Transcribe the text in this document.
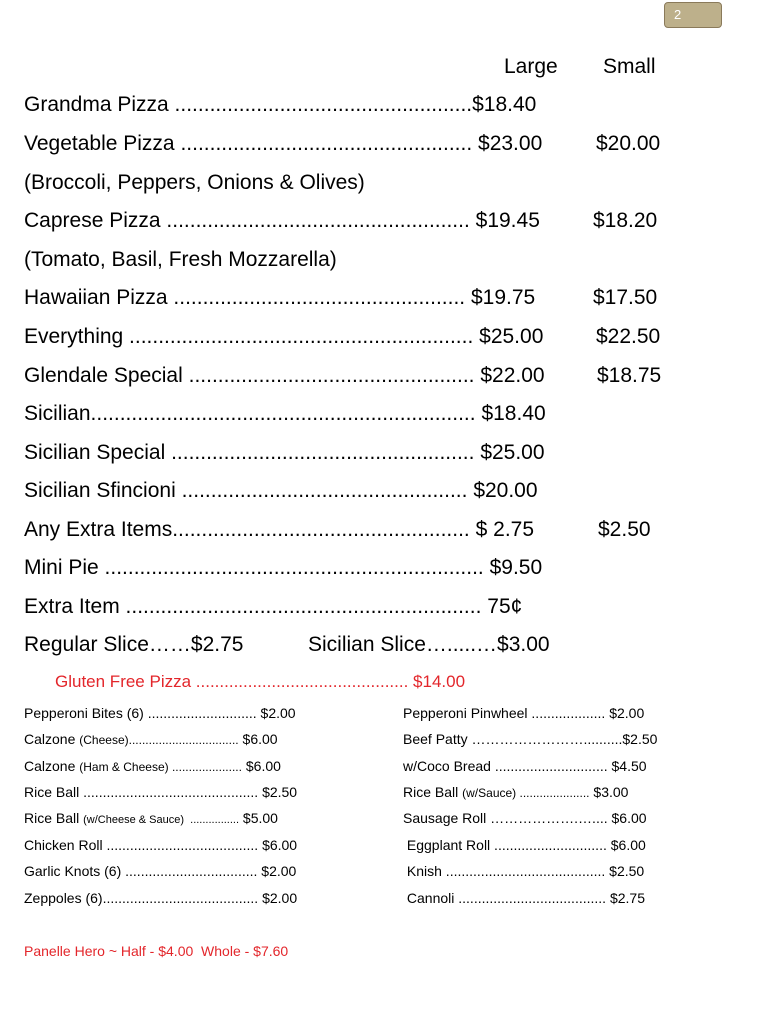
2
Large Small
Grandma Pizza ...................................................$18.40
Vegetable Pizza .................................................. $23.00	$20.00
(Broccoli, Peppers, Onions & Olives)
Caprese Pizza .................................................... $19.45	$18.20
(Tomato, Basil, Fresh Mozzarella)
Hawaiian Pizza .................................................. $19.75	$17.50
Everything ........................................................... $25.00	$22.50
Glendale Special ................................................. $22.00 $18.75
Sicilian.................................................................. $18.40
Sicilian Special .................................................... $25.00
Sicilian Sfincioni ................................................. $20.00
Any Extra Items................................................... $ 2.75	$2.50
Mini Pie ................................................................. $9.50
Extra Item ............................................................. 75¢
Regular Slice……$2.75	Sicilian Slice….....…$3.00
Gluten Free Pizza ............................................. $14.00
Pepperoni Bites (6) ............................ $2.00
Calzone (Cheese)................................. $6.00
Calzone (Ham & Cheese) ..................... $6.00
Rice Ball ............................................. $2.50
Rice Ball (w/Cheese & Sauce)  ................ $5.00
Chicken Roll ....................................... $6.00
Garlic Knots (6) .................................. $2.00
Zeppoles (6)........................................ $2.00
Pepperoni Pinwheel ................... $2.00
Beef Patty ……………………..........$2.50
w/Coco Bread ............................. $4.50
Rice Ball (w/Sauce) ..................... $3.00
Sausage Roll ……………….….... $6.00
Eggplant Roll ............................. $6.00
Knish ......................................... $2.50
Cannoli ...................................... $2.75
Panelle Hero ~ Half - $4.00  Whole - $7.60
